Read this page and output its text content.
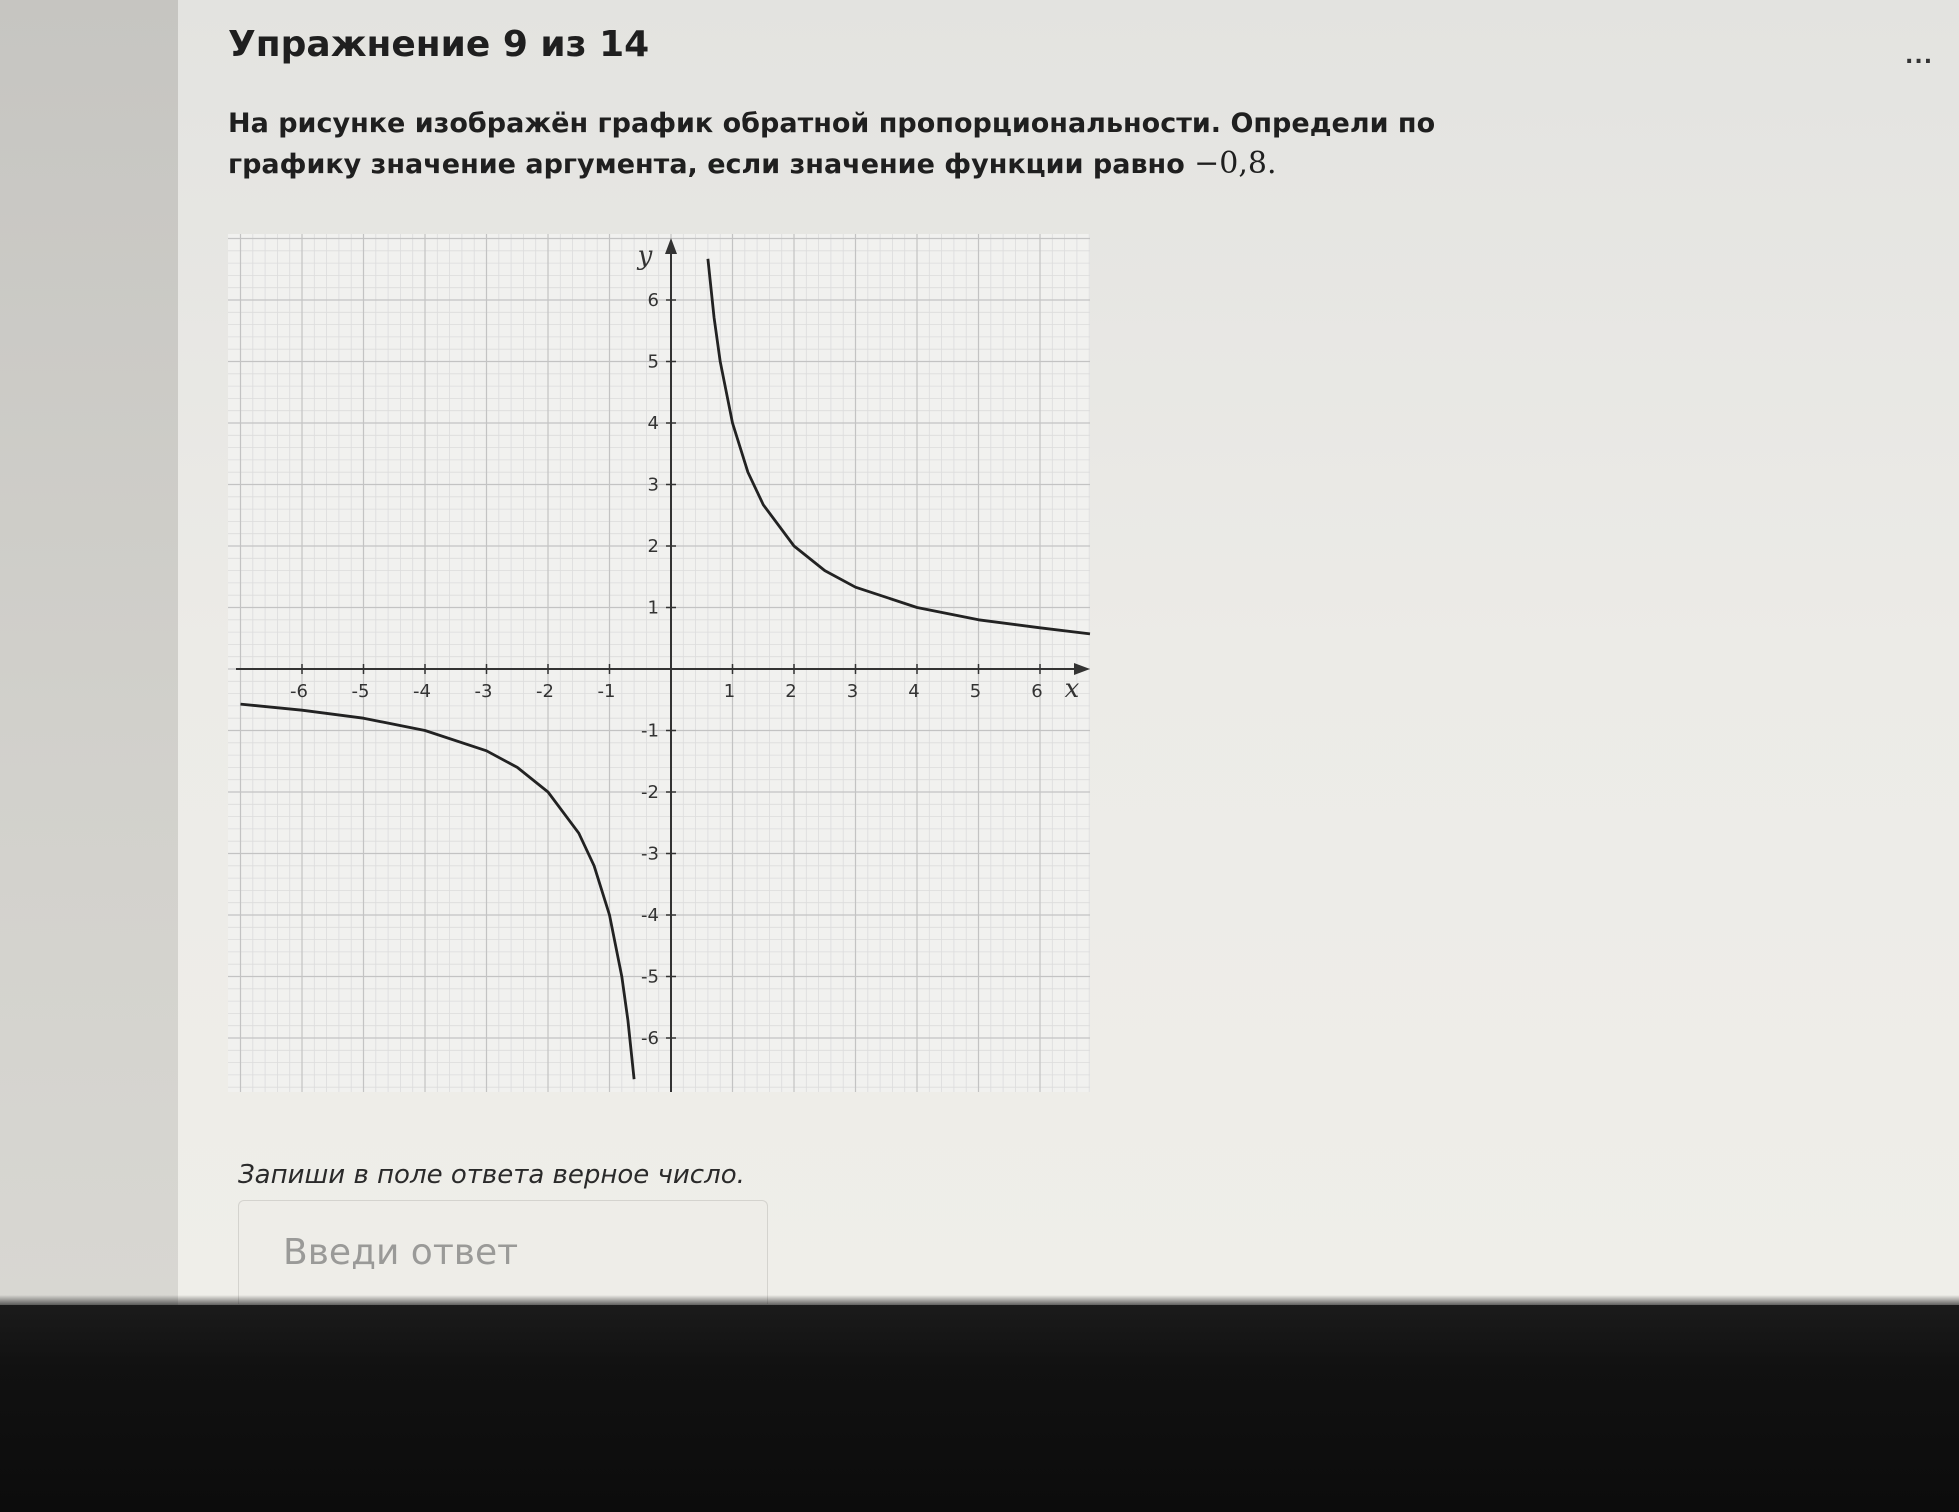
Упражнение 9 из 14	...

На рисунке изображён график обратной пропорциональности. Определи по графику значение аргумента, если значение функции равно −0,8.

-6 -5 -4 -3 -2 -1	1	2	3	4	5	6
6
5
4
3
2
1
-1
-2
-3
-4
-5
-6
x
y

Запиши в поле ответа верное число.

Введи ответ
